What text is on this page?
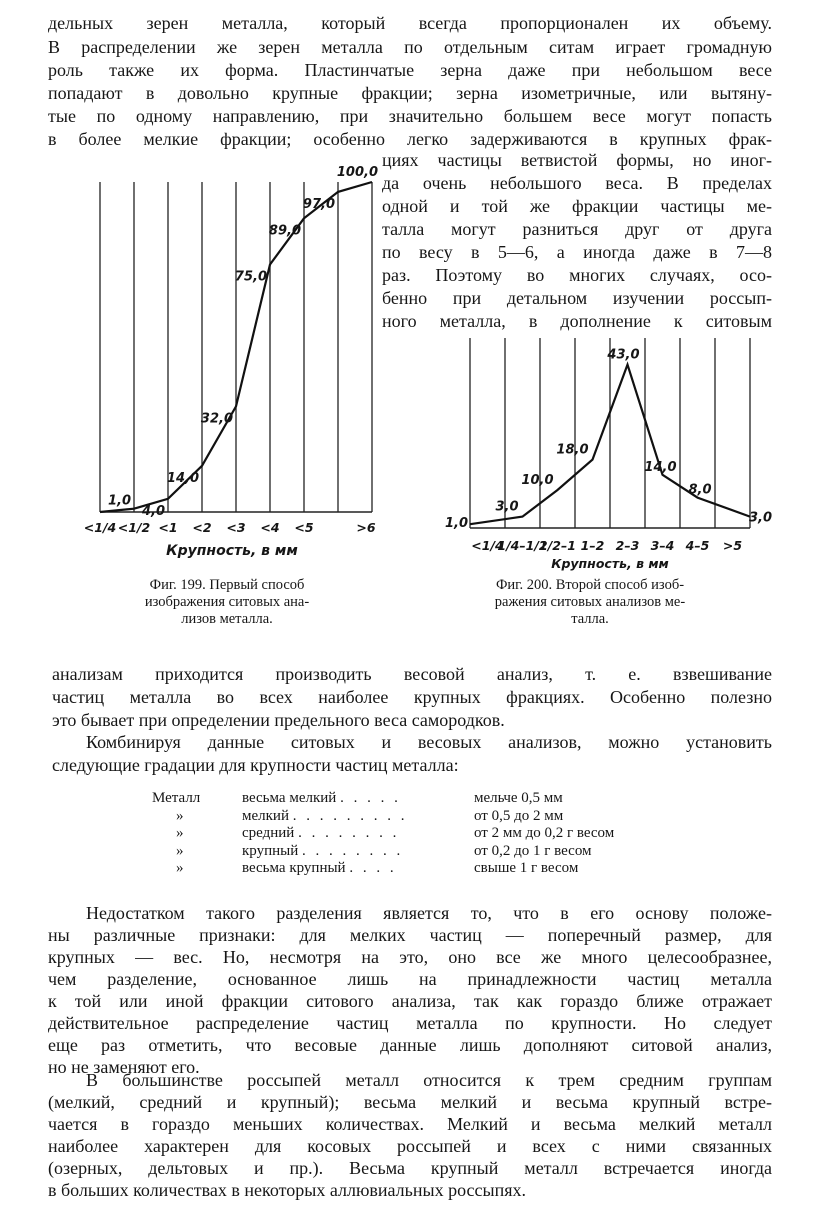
дельных зерен металла, который всегда пропорционален их объему.
В распределении же зерен металла по отдельным ситам играет громадную
роль также их форма. Пластинчатые зерна даже при небольшом весе
попадают в довольно крупные фракции; зерна изометричные, или вытяну-
тые по одному направлению, при значительно большем весе могут попасть
в более мелкие фракции; особенно легко задерживаются в крупных фрак-
циях частицы ветвистой формы, но иног-
да очень небольшого веса. В пределах
одной и той же фракции частицы ме-
талла могут разниться друг от друга
по весу в 5—6, а иногда даже в 7—8
раз. Поэтому во многих случаях, осо-
бенно при детальном изучении россып-
ного металла, в дополнение к ситовым
1,0
4,0
14,0
32,0
75,0
89,0
97,0
100,0
<1/4 <1/2 <1 <2 <3 <4 <5	>6
Крупность, в мм
Фиг. 199. Первый способ
изображения ситовых ана-
лизов металла.
1,0
3,0
10,0
18,0
43,0
14,0
8,0
3,0
<1/4
1/4–1/2
1/2–1 1–2 2–3 3–4 4–5 >5
Крупность, в мм
Фиг. 200. Второй способ изоб-
ражения ситовых анализов ме-
талла.
анализам приходится производить весовой анализ, т. е. взвешивание
частиц металла во всех наиболее крупных фракциях. Особенно полезно
это бывает при определении предельного веса самородков.
Комбинируя данные ситовых и весовых анализов, можно установить
следующие градации для крупности частиц металла:
Металл	весьма мелкий . . . . .	мельче 0,5 мм
»	мелкий . . . . . . . . .	от 0,5 до 2 мм
»	средний . . . . . . . .	от 2 мм до 0,2 г весом
»	крупный . . . . . . . .	от 0,2 до 1 г весом
»	весьма крупный . . . .	свыше 1 г весом
Недостатком такого разделения является то, что в его основу положе-
ны различные признаки: для мелких частиц — поперечный размер, для
крупных — вес. Но, несмотря на это, оно все же много целесообразнее,
чем разделение, основанное лишь на принадлежности частиц металла
к той или иной фракции ситового анализа, так как гораздо ближе отражает
действительное распределение частиц металла по крупности. Но следует
еще раз отметить, что весовые данные лишь дополняют ситовой анализ,
но не заменяют его.
В большинстве россыпей металл относится к трем средним группам
(мелкий, средний и крупный); весьма мелкий и весьма крупный встре-
чается в гораздо меньших количествах. Мелкий и весьма мелкий металл
наиболее характерен для косовых россыпей и всех с ними связанных
(озерных, дельтовых и пр.). Весьма крупный металл встречается иногда
в больших количествах в некоторых аллювиальных россыпях.
